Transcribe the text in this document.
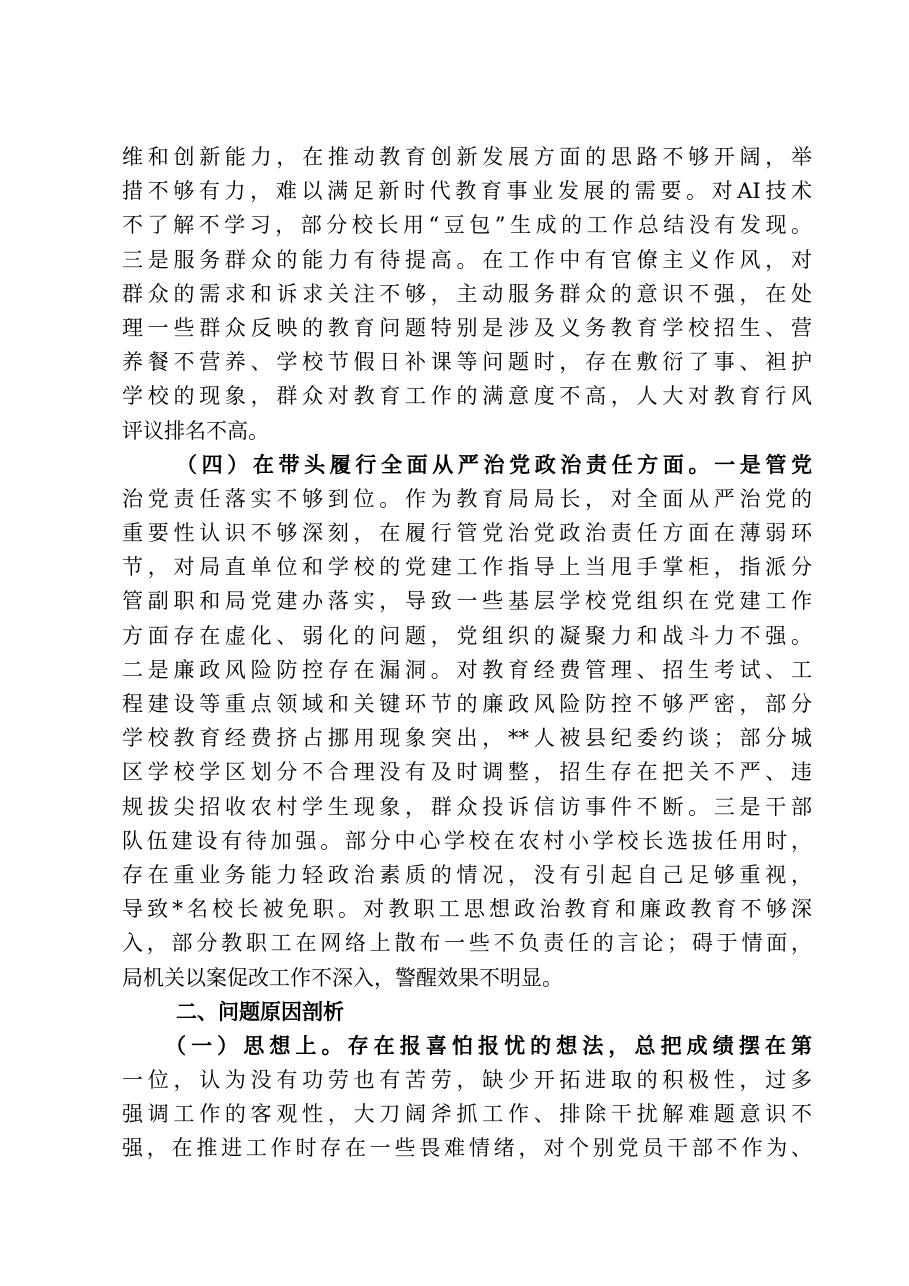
维和创新能力，在推动教育创新发展方面的思路不够开阔，举
措不够有力，难以满足新时代教育事业发展的需要。对AI技术
不了解不学习，部分校长用“豆包”生成的工作总结没有发现。
三是服务群众的能力有待提高。在工作中有官僚主义作风，对
群众的需求和诉求关注不够，主动服务群众的意识不强，在处
理一些群众反映的教育问题特别是涉及义务教育学校招生、营
养餐不营养、学校节假日补课等问题时，存在敷衍了事、袒护
学校的现象，群众对教育工作的满意度不高，人大对教育行风
评议排名不高。
（四）在带头履行全面从严治党政治责任方面。一是管党
治党责任落实不够到位。作为教育局局长，对全面从严治党的
重要性认识不够深刻，在履行管党治党政治责任方面在薄弱环
节，对局直单位和学校的党建工作指导上当甩手掌柜，指派分
管副职和局党建办落实，导致一些基层学校党组织在党建工作
方面存在虚化、弱化的问题，党组织的凝聚力和战斗力不强。
二是廉政风险防控存在漏洞。对教育经费管理、招生考试、工
程建设等重点领域和关键环节的廉政风险防控不够严密，部分
学校教育经费挤占挪用现象突出，**人被县纪委约谈；部分城
区学校学区划分不合理没有及时调整，招生存在把关不严、违
规拔尖招收农村学生现象，群众投诉信访事件不断。三是干部
队伍建设有待加强。部分中心学校在农村小学校长选拔任用时，
存在重业务能力轻政治素质的情况，没有引起自己足够重视，
导致*名校长被免职。对教职工思想政治教育和廉政教育不够深
入，部分教职工在网络上散布一些不负责任的言论；碍于情面，
局机关以案促改工作不深入，警醒效果不明显。
二、问题原因剖析
（一）思想上。存在报喜怕报忧的想法，总把成绩摆在第
一位，认为没有功劳也有苦劳，缺少开拓进取的积极性，过多
强调工作的客观性，大刀阔斧抓工作、排除干扰解难题意识不
强，在推进工作时存在一些畏难情绪，对个别党员干部不作为、
